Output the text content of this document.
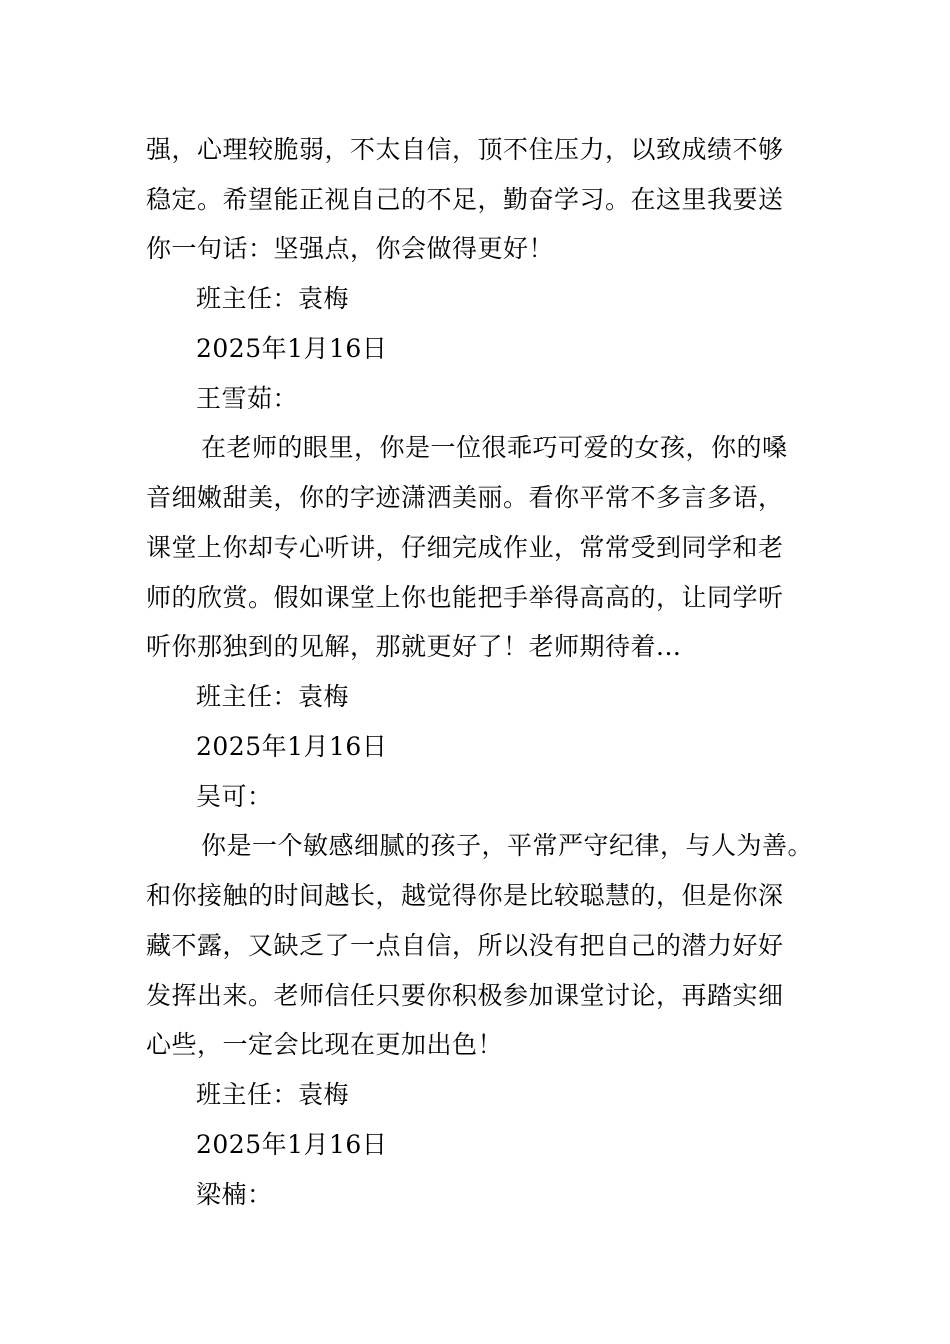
强，心理较脆弱，不太自信，顶不住压力，以致成绩不够
稳定。希望能正视自己的不足，勤奋学习。在这里我要送
你一句话：坚强点，你会做得更好！
班主任：袁梅
2025年1月16日
王雪茹：
在老师的眼里，你是一位很乖巧可爱的女孩，你的嗓
音细嫩甜美，你的字迹潇洒美丽。看你平常不多言多语，
课堂上你却专心听讲，仔细完成作业，常常受到同学和老
师的欣赏。假如课堂上你也能把手举得高高的，让同学听
听你那独到的见解，那就更好了！老师期待着...
班主任：袁梅
2025年1月16日
吴可：
你是一个敏感细腻的孩子，平常严守纪律，与人为善。
和你接触的时间越长，越觉得你是比较聪慧的，但是你深
藏不露，又缺乏了一点自信，所以没有把自己的潜力好好
发挥出来。老师信任只要你积极参加课堂讨论，再踏实细
心些，一定会比现在更加出色！
班主任：袁梅
2025年1月16日
梁楠：
